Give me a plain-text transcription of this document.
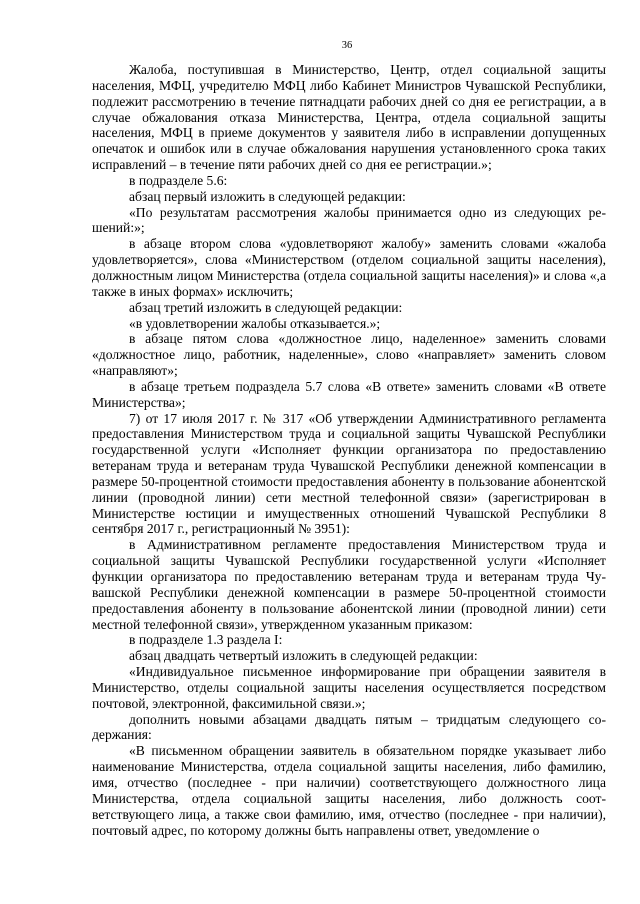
36

Жалоба, поступившая в Министерство, Центр, отдел социальной защиты населения, МФЦ, учредителю МФЦ либо Кабинет Министров Чувашской Республики, подлежит рассмотрению в течение пятнадцати рабочих дней со дня ее регистрации, а в случае обжалования отказа Министерства, Центра, отдела социальной защиты населения, МФЦ в приеме документов у заявителя либо в исправлении допущенных опечаток и ошибок или в случае обжалования нарушения установленного срока таких исправлений – в течение пяти рабочих дней со дня ее регистрации.»;

в подразделе 5.6:

абзац первый изложить в следующей редакции:

«По результатам рассмотрения жалобы принимается одно из следующих решений:»;

в абзаце втором слова «удовлетворяют жалобу» заменить словами «жалоба удовлетворяется», слова «Министерством (отделом социальной защиты населения), должностным лицом Министерства (отдела социальной защиты населения)» и слова «,а также в иных формах» исключить;

абзац третий изложить в следующей редакции:

«в удовлетворении жалобы отказывается.»;

в абзаце пятом слова «должностное лицо, наделенное» заменить словами «должностное лицо, работник, наделенные», слово «направляет» заменить словом «направляют»;

в абзаце третьем подраздела 5.7 слова «В ответе» заменить словами «В ответе Министерства»;

7) от 17 июля 2017 г. № 317 «Об утверждении Административного регламента предоставления Министерством труда и социальной защиты Чувашской Республики государственной услуги «Исполняет функции организатора по предоставлению ветеранам труда и ветеранам труда Чувашской Республики денежной компенсации в размере 50-процентной стоимости предоставления абоненту в пользование абонентской линии (проводной линии) сети местной телефонной связи» (зарегистрирован в Министерстве юстиции и имущественных отношений Чувашской Республики 8 сентября 2017 г., регистрационный № 3951):

в Административном регламенте предоставления Министерством труда и социальной защиты Чувашской Республики государственной услуги «Исполняет функции организатора по предоставлению ветеранам труда и ветеранам труда Чувашской Республики денежной компенсации в размере 50-процентной стоимости предоставления абоненту в пользование абонентской линии (проводной линии) сети местной телефонной связи», утвержденном указанным приказом:

в подразделе 1.3 раздела I:

абзац двадцать четвертый изложить в следующей редакции:

«Индивидуальное письменное информирование при обращении заявителя в Министерство, отделы социальной защиты населения осуществляется посредством почтовой, электронной, факсимильной связи.»;

дополнить новыми абзацами двадцать пятым – тридцатым следующего содержания:

«В письменном обращении заявитель в обязательном порядке указывает либо наименование Министерства, отдела социальной защиты населения, либо фамилию, имя, отчество (последнее - при наличии) соответствующего должностного лица Министерства, отдела социальной защиты населения, либо должность соответствующего лица, а также свои фамилию, имя, отчество (последнее - при наличии), почтовый адрес, по которому должны быть направлены ответ, уведомление о
